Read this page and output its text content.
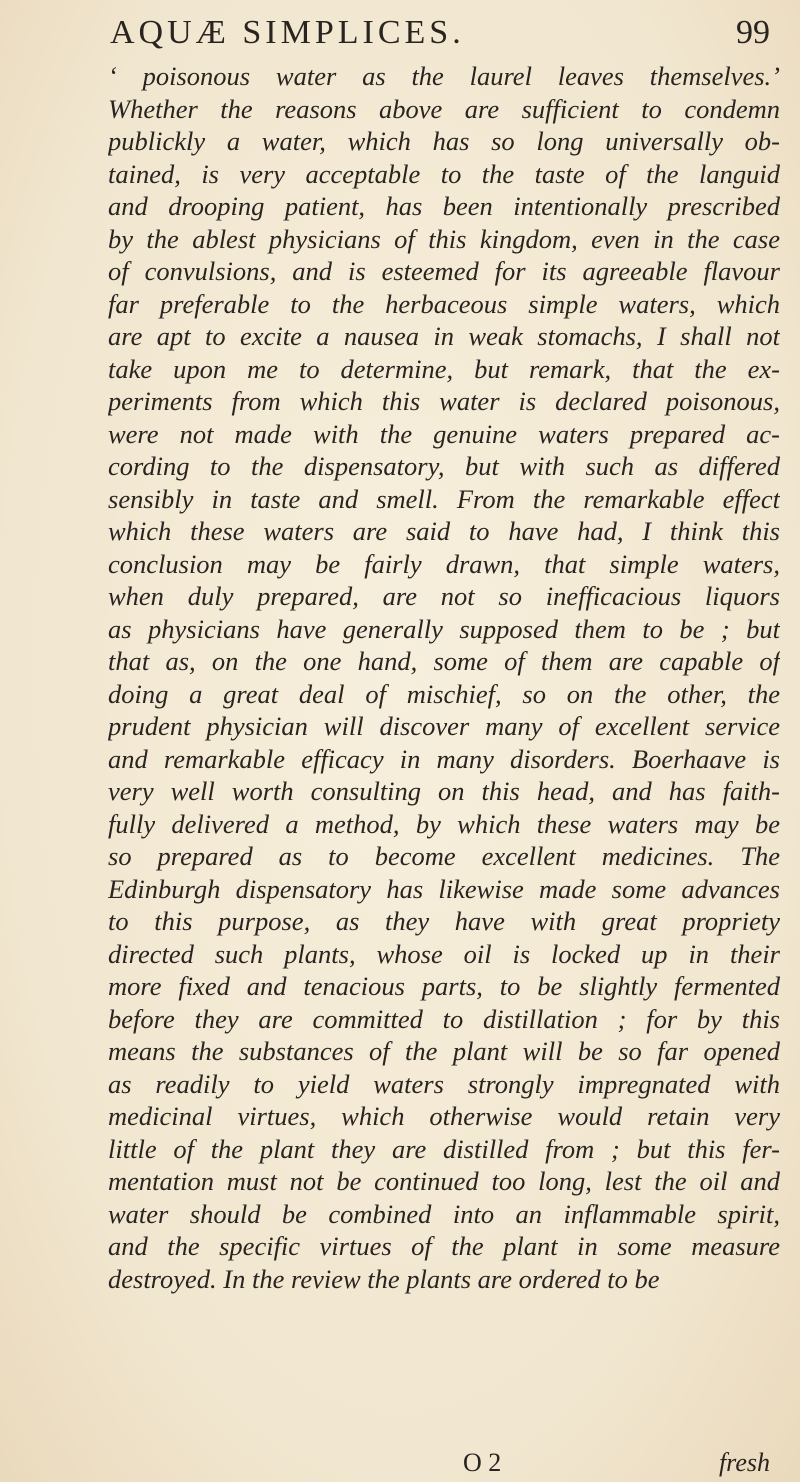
AQUÆ SIMPLICES.	99
‘ poisonous water as the laurel leaves themselves.’
Whether the reasons above are sufficient to condemn
publickly a water, which has so long universally ob-
tained, is very acceptable to the taste of the languid
and drooping patient, has been intentionally prescribed
by the ablest physicians of this kingdom, even in the case
of convulsions, and is esteemed for its agreeable flavour
far preferable to the herbaceous simple waters, which
are apt to excite a nausea in weak stomachs, I shall not
take upon me to determine, but remark, that the ex-
periments from which this water is declared poisonous,
were not made with the genuine waters prepared ac-
cording to the dispensatory, but with such as differed
sensibly in taste and smell. From the remarkable effect
which these waters are said to have had, I think this
conclusion may be fairly drawn, that simple waters,
when duly prepared, are not so inefficacious liquors
as physicians have generally supposed them to be ; but
that as, on the one hand, some of them are capable of
doing a great deal of mischief, so on the other, the
prudent physician will discover many of excellent service
and remarkable efficacy in many disorders. Boerhaave is
very well worth consulting on this head, and has faith-
fully delivered a method, by which these waters may be
so prepared as to become excellent medicines. The
Edinburgh dispensatory has likewise made some advances
to this purpose, as they have with great propriety
directed such plants, whose oil is locked up in their
more fixed and tenacious parts, to be slightly fermented
before they are committed to distillation ; for by this
means the substances of the plant will be so far opened
as readily to yield waters strongly impregnated with
medicinal virtues, which otherwise would retain very
little of the plant they are distilled from ; but this fer-
mentation must not be continued too long, lest the oil and
water should be combined into an inflammable spirit,
and the specific virtues of the plant in some measure
destroyed. In the review the plants are ordered to be
O 2	fresh
